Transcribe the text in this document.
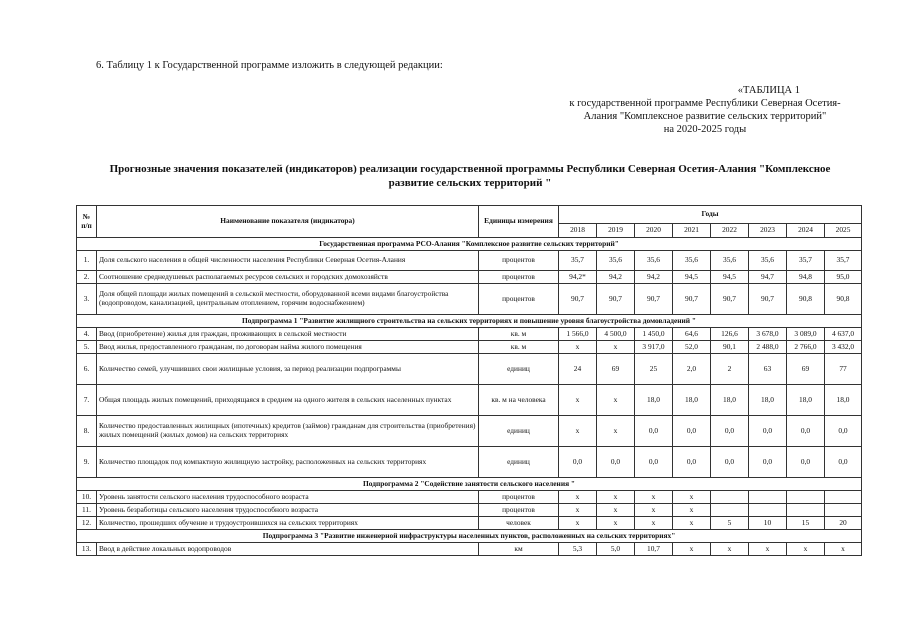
6. Таблицу 1 к Государственной программе изложить в следующей редакции:
«ТАБЛИЦА 1
к государственной программе Республики Северная Осетия-
Алания "Комплексное развитие сельских территорий"
на 2020-2025 годы
Прогнозные значения показателей (индикаторов) реализации государственной программы Республики Северная Осетия-Алания "Комплексное
развитие сельских территорий "
№ п/п	Наименование показателя (индикатора)	Единицы измерения	Годы							
			2018	2019	2020	2021	2022	2023	2024	2025
Государственная программа РСО-Алания "Комплексное развитие сельских территорий"										
1.	Доля сельского населения в общей численности населения Республики Северная Осетия-Алания	процентов	35,7	35,6	35,6	35,6	35,6	35,6	35,7	35,7
2.	Соотношение среднедушевых располагаемых ресурсов сельских и городских домохозяйств	процентов	94,2*	94,2	94,2	94,5	94,5	94,7	94,8	95,0
3.	Доля общей площади жилых помещений в сельской местности, оборудованной всеми видами благоустройства (водопроводом, канализацией, центральным отоплением, горячим водоснабжением)	процентов	90,7	90,7	90,7	90,7	90,7	90,7	90,8	90,8
Подпрограмма 1 "Развитие жилищного строительства на сельских территориях и повышение уровня благоустройства домовладений "										
4.	Ввод (приобретение) жилья для граждан, проживающих в сельской местности	кв. м	1 566,0	4 500,0	1 450,0	64,6	126,6	3 678,0	3 089,0	4 637,0
5.	Ввод жилья, предоставленного гражданам, по договорам найма жилого помещения	кв. м	x	x	3 917,0	52,0	90,1	2 488,0	2 766,0	3 432,0
6.	Количество семей, улучшивших свои жилищные условия, за период реализации подпрограммы	единиц	24	69	25	2,0	2	63	69	77
7.	Общая площадь жилых помещений, приходящаяся в среднем на одного жителя в сельских населенных пунктах	кв. м на человека	x	x	18,0	18,0	18,0	18,0	18,0	18,0
8.	Количество предоставленных жилищных (ипотечных) кредитов (займов) гражданам для строительства (приобретения) жилых помещений (жилых домов) на сельских территориях	единиц	x	x	0,0	0,0	0,0	0,0	0,0	0,0
9.	Количество площадок под компактную жилищную застройку, расположенных на сельских территориях	единиц	0,0	0,0	0,0	0,0	0,0	0,0	0,0	0,0
Подпрограмма 2 "Содействие занятости сельского населения "										
10.	Уровень занятости сельского населения трудоспособного возраста	процентов	x	x	x	x				
11.	Уровень безработицы сельского населения трудоспособного возраста	процентов	x	x	x	x				
12.	Количество, прошедших обучение и трудоустроившихся на сельских территориях	человек	x	x	x	x	5	10	15	20
Подпрограмма 3 "Развитие инженерной инфраструктуры населенных пунктов, расположенных на сельских территориях"										
13.	Ввод в действие локальных водопроводов	км	5,3	5,0	10,7	x	x	x	x	x
